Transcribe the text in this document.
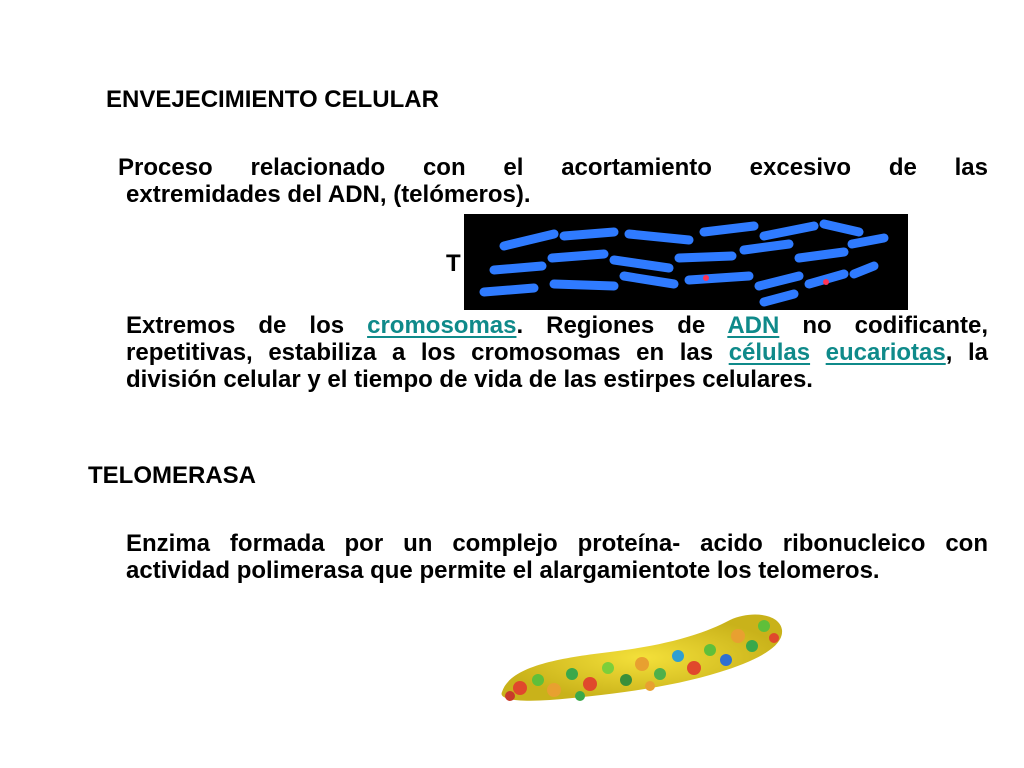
ENVEJECIMIENTO CELULAR

Proceso relacionado con el acortamiento excesivo de las

extremidades del ADN, (telómeros).

T

Extremos de los cromosomas. Regiones de ADN no codificante, repetitivas, estabiliza a los cromosomas en las células eucariotas, la división celular y el tiempo de vida de las estirpes celulares.

TELOMERASA

Enzima formada por un complejo proteína- acido ribonucleico con actividad polimerasa que permite el alargamientote los telomeros.
